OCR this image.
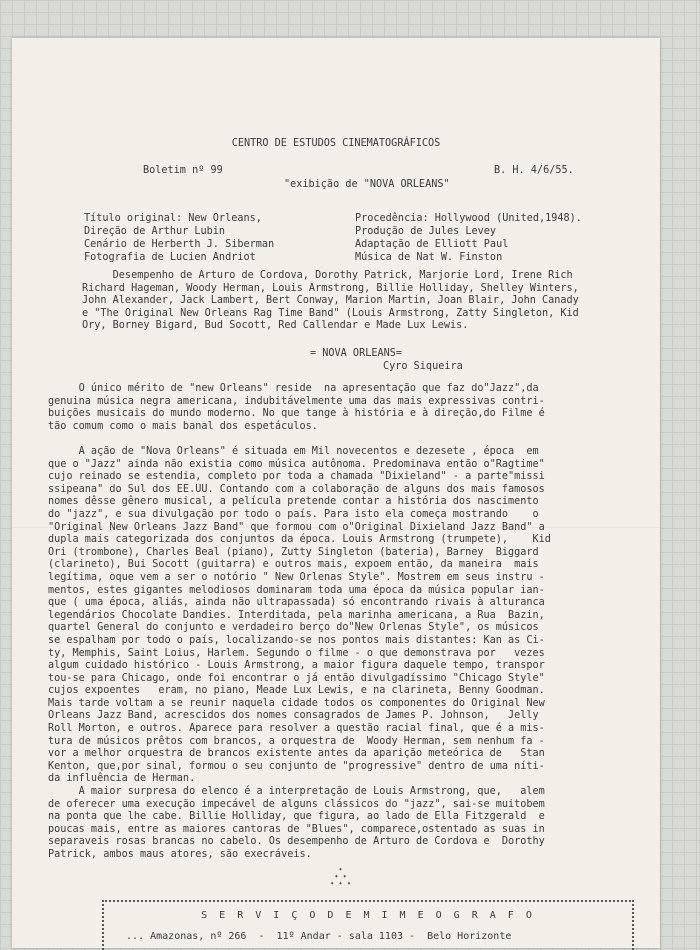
CENTRO DE ESTUDOS CINEMATOGRÁFICOS
Boletim nº 99	B. H. 4/6/55.
"exibição de "NOVA ORLEANS"
Título original: New Orleans,
Direção de Arthur Lubin
Cenário de Herberth J. Siberman
Fotografia de Lucien Andriot
Procedência: Hollywood (United,1948).
Produção de Jules Levey
Adaptação de Elliott Paul
Música de Nat W. Finston
Desempenho de Arturo de Cordova, Dorothy Patrick, Marjorie Lord, Irene Rich
Richard Hageman, Woody Herman, Louis Armstrong, Billie Holliday, Shelley Winters,
John Alexander, Jack Lambert, Bert Conway, Marion Martin, Joan Blair, John Canady
e "The Original New Orleans Rag Time Band" (Louis Armstrong, Zatty Singleton, Kid
Ory, Borney Bigard, Bud Socott, Red Callendar e Made Lux Lewis.
= NOVA ORLEANS=
Cyro Siqueira
O único mérito de "new Orleans" reside  na apresentação que faz do"Jazz",da
genuina música negra americana, indubitávelmente uma das mais expressivas contri-
buições musicais do mundo moderno. No que tange à história e à direção,do Filme é
tão comum como o mais banal dos espetáculos.
A ação de "Nova Orleans" é situada em Mil novecentos e dezesete , época  em
que o "Jazz" ainda não existia como música autônoma. Predominava então o"Ragtime"
cujo reinado se estendia, completo por toda a chamada "Dixieland" - a parte"missi
ssipeana" do Sul dos EE.UU. Contando com a colaboração de alguns dos mais famosos
nomes dêsse gênero musical, a película pretende contar a história dos nascimento
do "jazz", e sua divulgação por todo o país. Para isto ela começa mostrando    o
"Original New Orleans Jazz Band" que formou com o"Original Dixieland Jazz Band" a
dupla mais categorizada dos conjuntos da época. Louis Armstrong (trumpete),    Kid
Ori (trombone), Charles Beal (piano), Zutty Singleton (bateria), Barney  Biggard
(clarineto), Bui Socott (guitarra) e outros mais, expoem então, da maneira  mais
legítima, oque vem a ser o notório " New Orlenas Style". Mostrem em seus instru -
mentos, estes gigantes melodiosos dominaram toda uma época da música popular ian-
que ( uma época, aliás, ainda não ultrapassada) só encontrando rivais à alturanca
legendários Chocolate Dandies. Interditada, pela marinha americana, a Rua  Bazin,
quartel General do conjunto e verdadeiro berço do"New Orlenas Style", os músicos
se espalham por todo o país, localizando-se nos pontos mais distantes: Kan as Ci-
ty, Memphis, Saint Loius, Harlem. Segundo o filme - o que demonstrava por   vezes
algum cuidado histórico - Louis Armstrong, a maior figura daquele tempo, transpor
tou-se para Chicago, onde foi encontrar o já então divulgadíssimo "Chicago Style"
cujos expoentes   eram, no piano, Meade Lux Lewis, e na clarineta, Benny Goodman.
Mais tarde voltam a se reunir naquela cidade todos os componentes do Original New
Orleans Jazz Band, acrescidos dos nomes consagrados de James P. Johnson,   Jelly
Roll Morton, e outros. Aparece para resolver a questão racial final, que é a mis-
tura de músicos prêtos com brancos, a orquestra de  Woody Herman, sem nenhum fa -
vor a melhor orquestra de brancos existente antes da aparição meteórica de   Stan
Kenton, que,por sinal, formou o seu conjunto de "progressive" dentro de uma níti-
da influência de Herman.
A maior surpresa do elenco é a interpretação de Louis Armstrong, que,   alem
de oferecer uma execução impecável de alguns clássicos do "jazz", sai-se muitobem
na ponta que lhe cabe. Billie Holliday, que figura, ao lado de Ella Fitzgerald  e
poucas mais, entre as maiores cantoras de "Blues", comparece,ostentado as suas in
separaveis rosas brancas no cabelo. Os desempenho de Arturo de Cordova e  Dorothy
Patrick, ambos maus atores, são execráveis.
✦
✦ ✦
✦ ✦ ✦
S E R V I Ç O D E M I M E O G R A F O
... Amazonas, nº 266  -  11º Andar - sala 1103 -  Belo Horizonte
